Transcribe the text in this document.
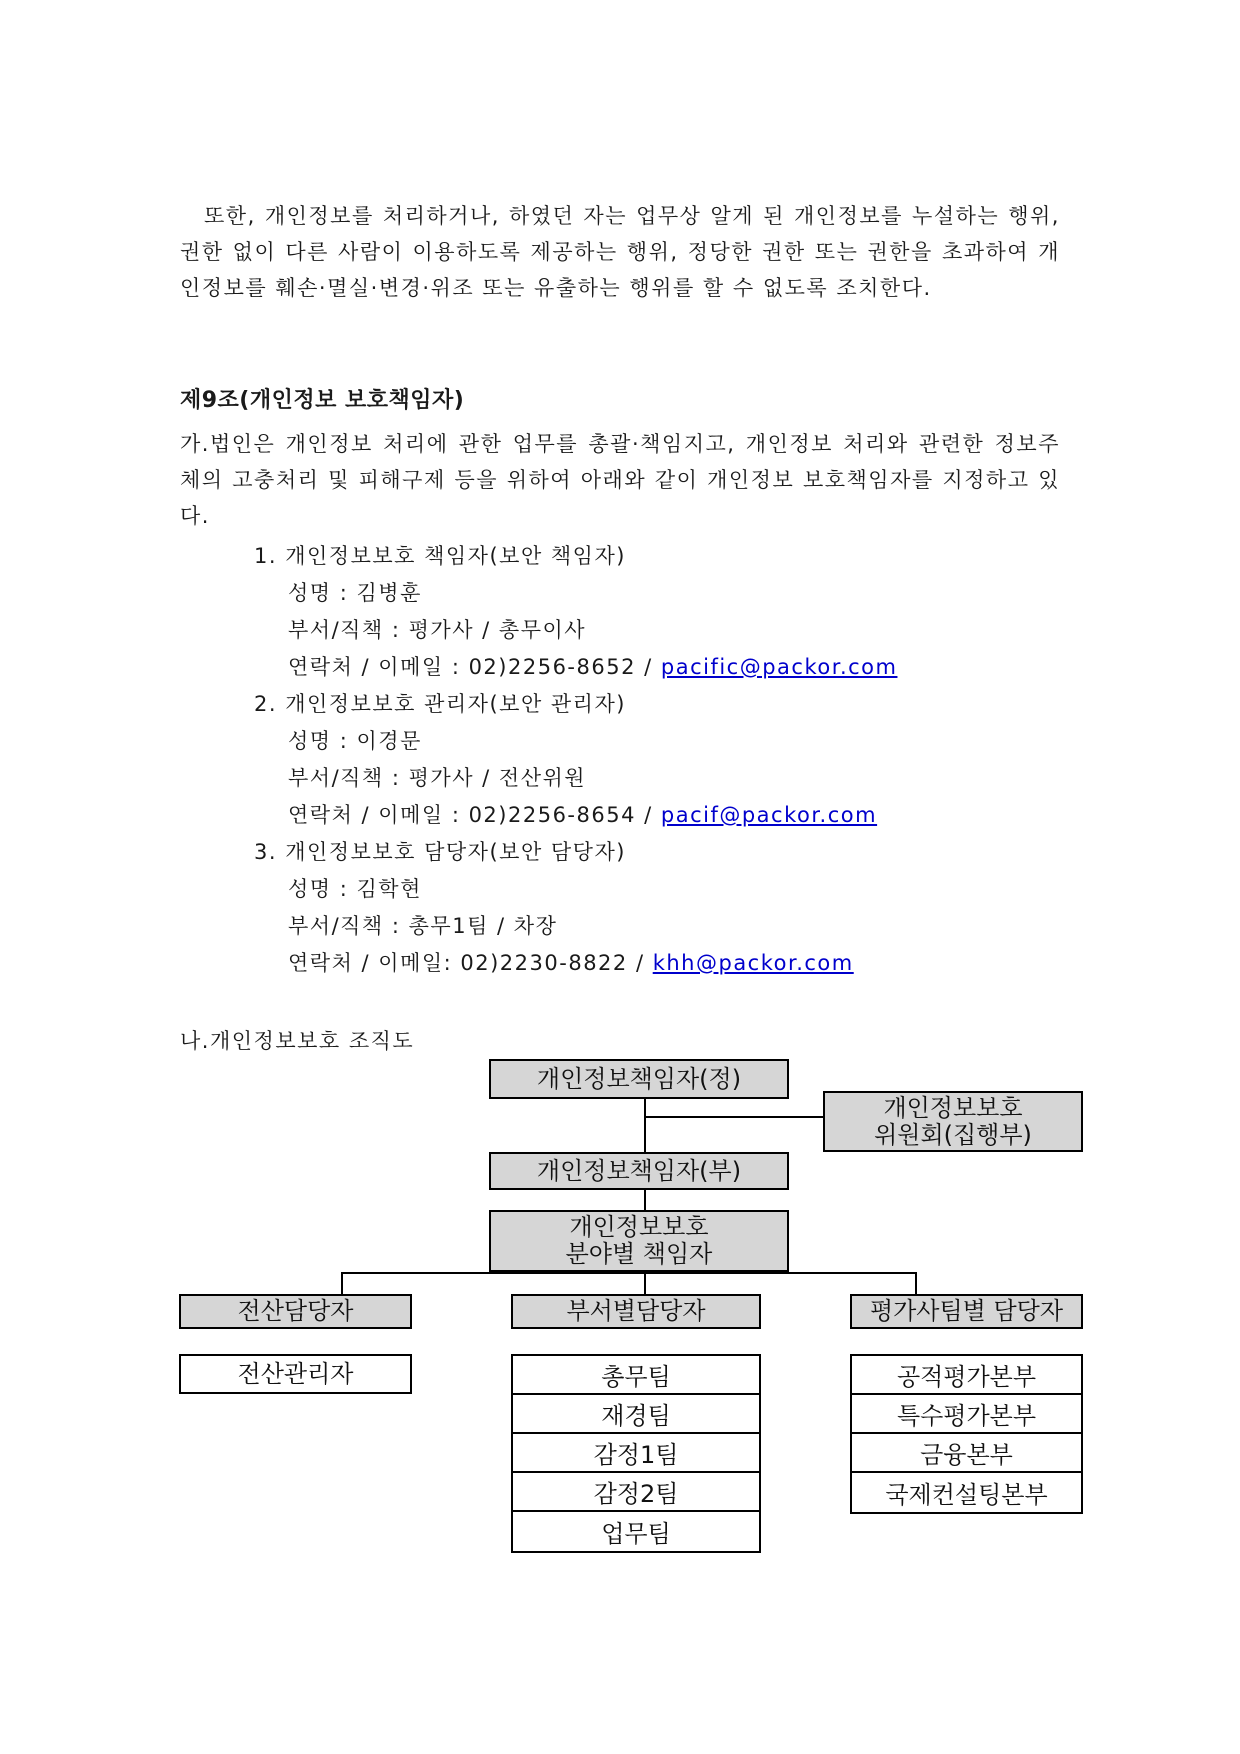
또한, 개인정보를 처리하거나, 하였던 자는 업무상 알게 된 개인정보를 누설하는 행위, 권한 없이 다른 사람이 이용하도록 제공하는 행위, 정당한 권한 또는 권한을 초과하여 개인정보를 훼손·멸실·변경·위조 또는 유출하는 행위를 할 수 없도록 조치한다.

제9조(개인정보 보호책임자)

가.법인은 개인정보 처리에 관한 업무를 총괄·책임지고, 개인정보 처리와 관련한 정보주체의 고충처리 및 피해구제 등을 위하여 아래와 같이 개인정보 보호책임자를 지정하고 있다.

1. 개인정보보호 책임자(보안 책임자)
성명 : 김병훈
부서/직책 : 평가사 / 총무이사
연락처 / 이메일 : 02)2256-8652 / pacific@packor.com
2. 개인정보보호 관리자(보안 관리자)
성명 : 이경문
부서/직책 : 평가사 / 전산위원
연락처 / 이메일 : 02)2256-8654 / pacif@packor.com
3. 개인정보보호 담당자(보안 담당자)
성명 : 김학현
부서/직책 : 총무1팀 / 차장
연락처 / 이메일: 02)2230-8822 / khh@packor.com
나.개인정보보호 조직도
개인정보책임자(정)
개인정보보호
위원회(집행부)
개인정보책임자(부)
개인정보보호
분야별 책임자
전산담당자	부서별담당자	평가사팀별 담당자
전산관리자	총무팀
재경팀
감정1팀
감정2팀
업무팀
공적평가본부
특수평가본부
금융본부
국제컨설팅본부
